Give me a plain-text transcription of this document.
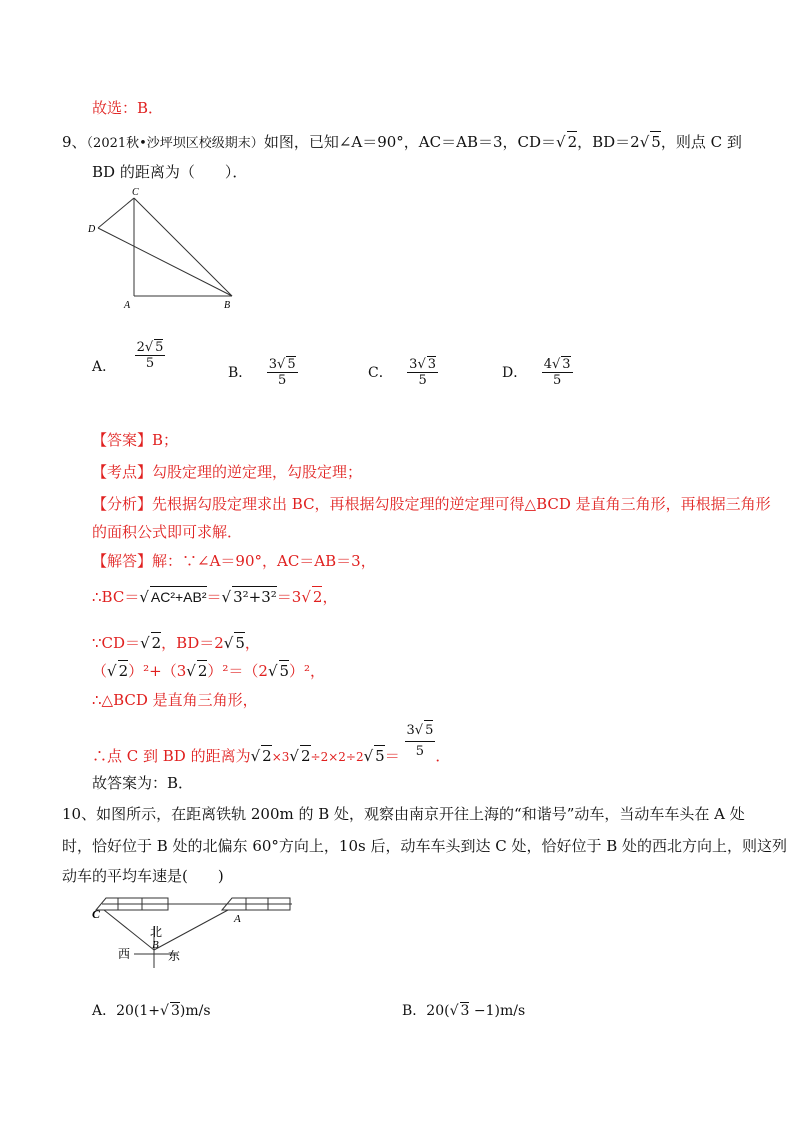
故选：B．
9、（2021秋•沙坪坝区校级期末）如图，已知∠A＝90°，AC＝AB＝3，CD＝√ 2，BD＝2√ 5，则点 C 到
BD 的距离为（　　）．
C
D
A	B
A． $\frac{2√ 5}{5}$
B． $\frac{3√ 5}{5}$	C． $\frac{3√ 3}{5}$	D． $\frac{4√ 3}{5}$
【答案】B；
【考点】勾股定理的逆定理，勾股定理；
【分析】先根据勾股定理求出 BC，再根据勾股定理的逆定理可得△BCD 是直角三角形，再根据三角形
的面积公式即可求解．
【解答】解：∵∠A＝90°，AC＝AB＝3，
∴BC＝√ AC²+AB²＝√ 3²+3²＝3√ 2，
∵CD＝√ 2，BD＝2√ 5，
（√ 2）²+（3√ 2）²＝（2√ 5）²，
∴△BCD 是直角三角形，
∴点 C 到 BD 的距离为√ 2×3√ 2÷2×2÷2√ $5= \frac{3√ 5}{5}$ ．
故答案为：B．
10、如图所示，在距离铁轨 200m 的 B 处，观察由南京开往上海的“和谐号”动车，当动车车头在 A 处
时，恰好位于 B 处的北偏东 60°方向上，10s 后，动车车头到达 C 处，恰好位于 B 处的西北方向上，则这列
动车的平均车速是(　　)
C	A
B
北
西	东
A．20(1+√ 3)m/s	B．20(√ 3 −1)m/s
